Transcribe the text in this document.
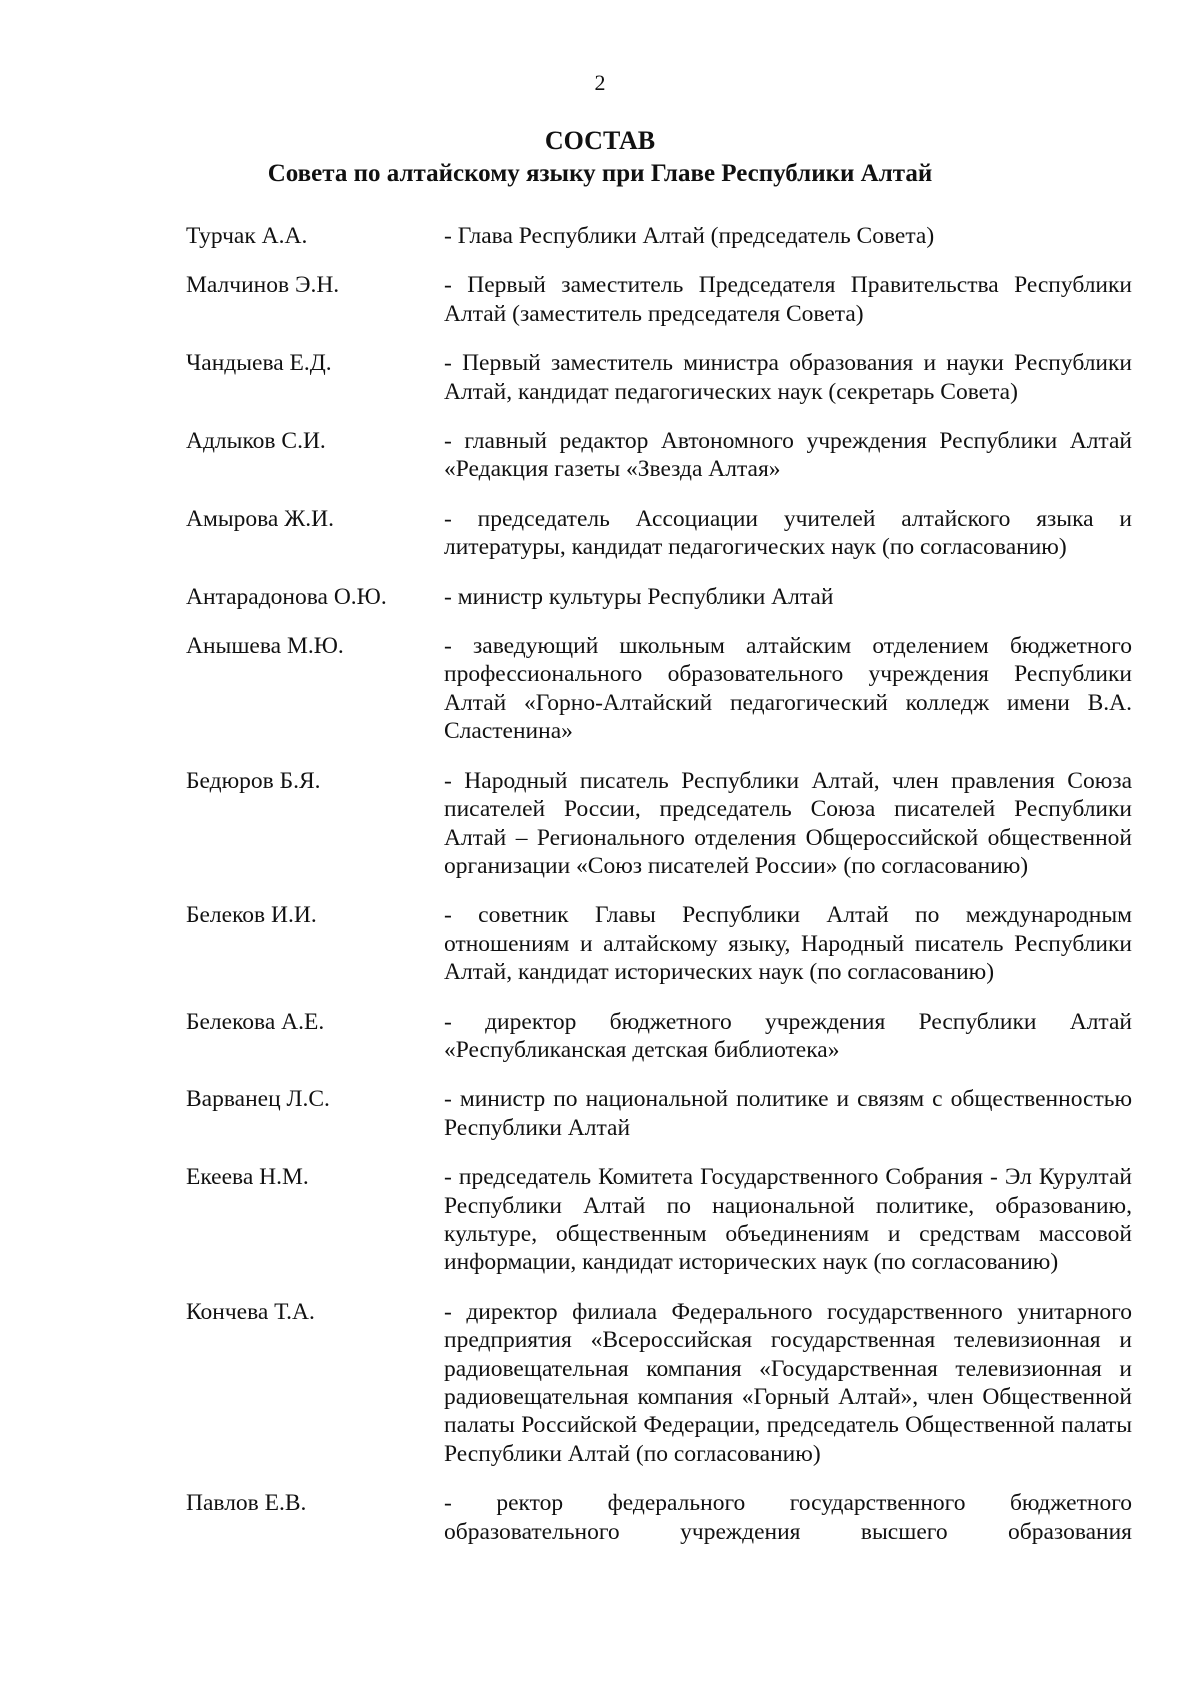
2
СОСТАВ
Совета по алтайскому языку при Главе Республики Алтай
Турчак А.А.	- Глава Республики Алтай (председатель Совета)
Малчинов Э.Н.	- Первый заместитель Председателя Правительства Республики Алтай (заместитель председателя Совета)
Чандыева Е.Д.	- Первый заместитель министра образования и науки Республики Алтай, кандидат педагогических наук (секретарь Совета)
Адлыков С.И.	- главный редактор Автономного учреждения Республики Алтай «Редакция газеты «Звезда Алтая»
Амырова Ж.И.	- председатель Ассоциации учителей алтайского языка и литературы, кандидат педагогических наук (по согласованию)
Антарадонова О.Ю.	- министр культуры Республики Алтай
Анышева М.Ю.	- заведующий школьным алтайским отделением бюджетного профессионального образовательного учреждения Республики Алтай «Горно-Алтайский педагогический колледж имени В.А. Сластенина»
Бедюров Б.Я.	- Народный писатель Республики Алтай, член правления Союза писателей России, председатель Союза писателей Республики Алтай – Регионального отделения Общероссийской общественной организации «Союз писателей России» (по согласованию)
Белеков И.И.	- советник Главы Республики Алтай по международным отношениям и алтайскому языку, Народный писатель Республики Алтай, кандидат исторических наук (по согласованию)
Белекова А.Е.	- директор бюджетного учреждения Республики Алтай «Республиканская детская библиотека»
Варванец Л.С.	- министр по национальной политике и связям с общественностью Республики Алтай
Екеева Н.М.	- председатель Комитета Государственного Собрания - Эл Курултай Республики Алтай по национальной политике, образованию, культуре, общественным объединениям и средствам массовой информации, кандидат исторических наук (по согласованию)
Кончева Т.А.	- директор филиала Федерального государственного унитарного предприятия «Всероссийская государственная телевизионная и радиовещательная компания «Государственная телевизионная и радиовещательная компания «Горный Алтай», член Общественной палаты Российской Федерации, председатель Общественной палаты Республики Алтай (по согласованию)
Павлов Е.В.	- ректор федерального государственного бюджетного образовательного учреждения высшего образования
